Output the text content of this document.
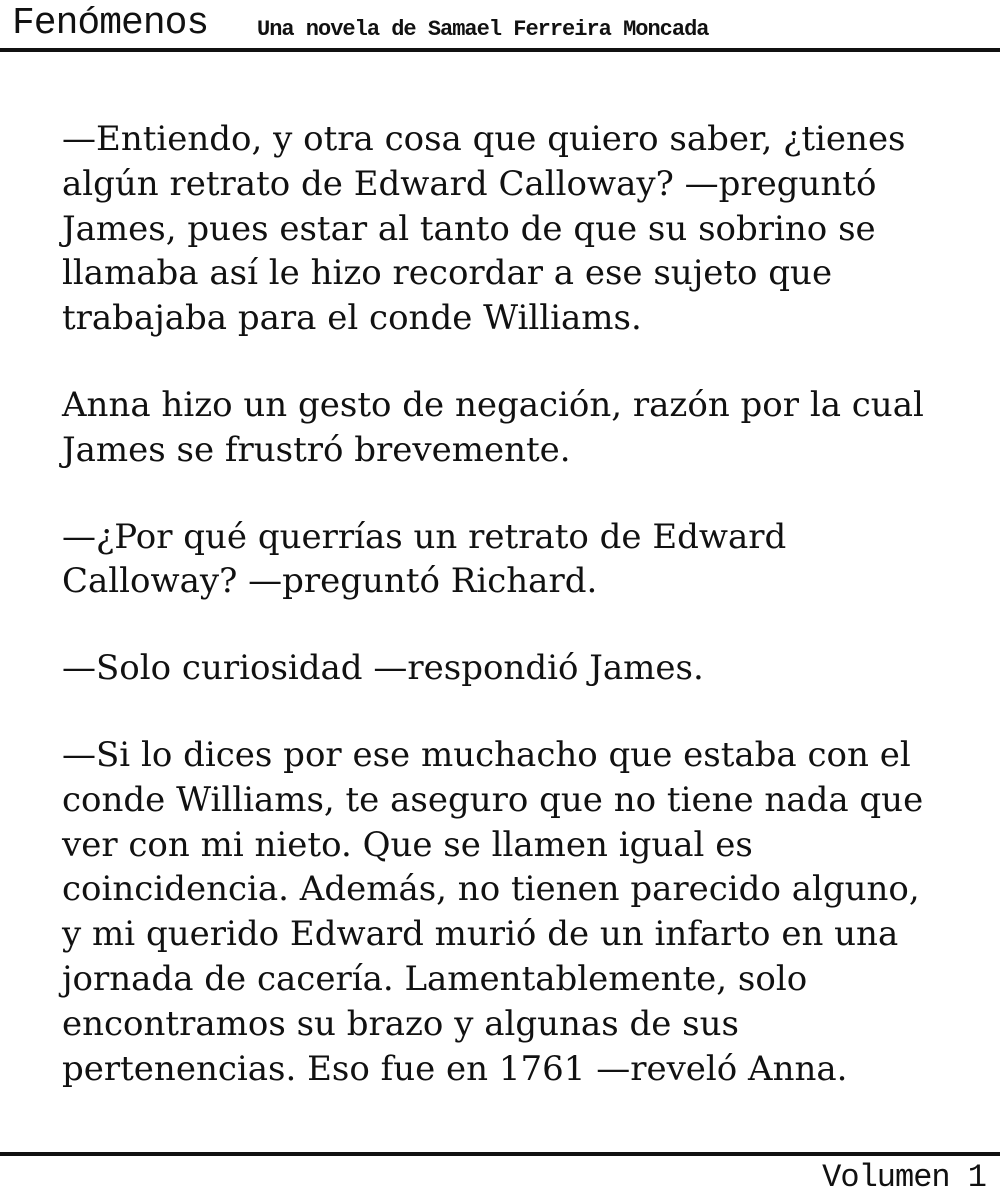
Fenómenos Una novela de Samael Ferreira Moncada

—Entiendo, y otra cosa que quiero saber, ¿tienes
algún retrato de Edward Calloway? —preguntó
James, pues estar al tanto de que su sobrino se
llamaba así le hizo recordar a ese sujeto que
trabajaba para el conde Williams.

Anna hizo un gesto de negación, razón por la cual
James se frustró brevemente.

—¿Por qué querrías un retrato de Edward
Calloway? —preguntó Richard.

—Solo curiosidad —respondió James.

—Si lo dices por ese muchacho que estaba con el
conde Williams, te aseguro que no tiene nada que
ver con mi nieto. Que se llamen igual es
coincidencia. Además, no tienen parecido alguno,
y mi querido Edward murió de un infarto en una
jornada de cacería. Lamentablemente, solo
encontramos su brazo y algunas de sus
pertenencias. Eso fue en 1761 —reveló Anna.

Volumen 1
